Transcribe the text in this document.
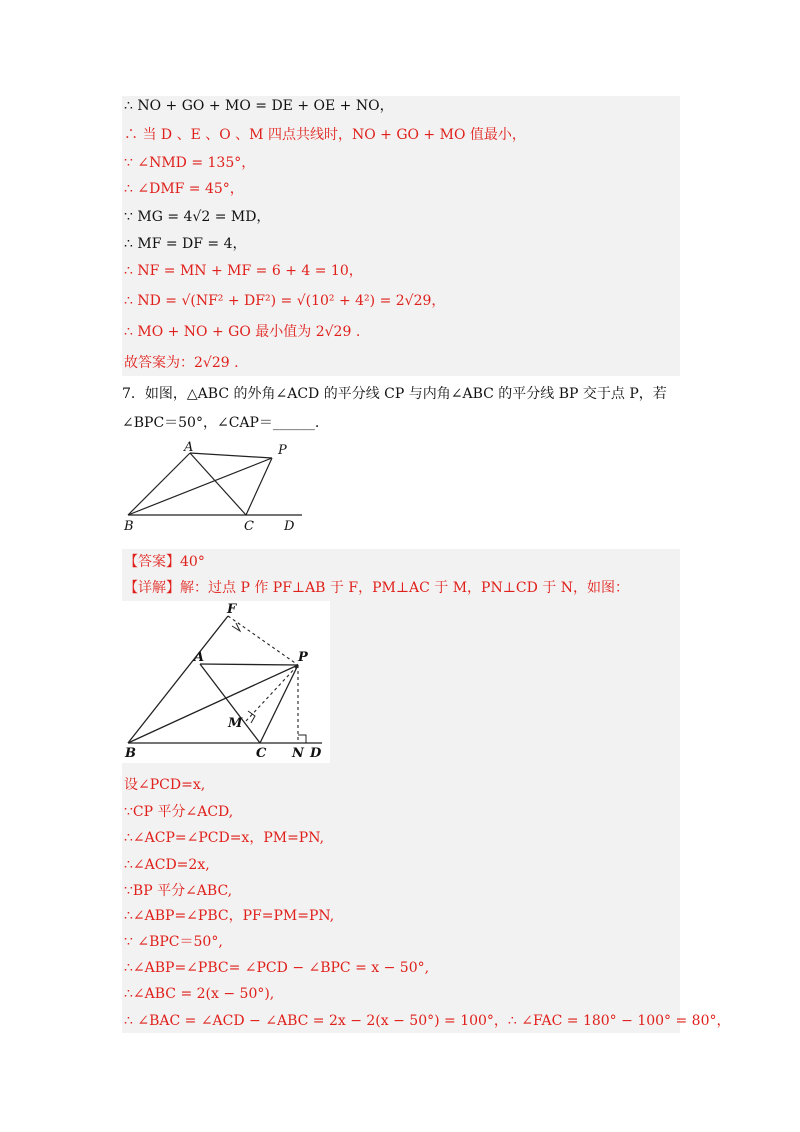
∴ NO + GO + MO = DE + OE + NO，
∴ 当 D 、E 、O 、M 四点共线时，NO + GO + MO 值最小，
∵ ∠NMD = 135°，
∴ ∠DMF = 45°，
∵ MG = 4√2 = MD，
∴ MF = DF = 4，
∴ NF = MN + MF = 6 + 4 = 10，
∴ ND = √(NF² + DF²) = √(10² + 4²) = 2√29，
∴ MO + NO + GO 最小值为 2√29 .
故答案为：2√29 .
7．如图，△ABC 的外角∠ACD 的平分线 CP 与内角∠ABC 的平分线 BP 交于点 P，若
∠BPC＝50°，∠CAP＝______.
A	P
B	C D
【答案】40°
【详解】解：过点 P 作 PF⊥AB 于 F，PM⊥AC 于 M，PN⊥CD 于 N，如图：
F
A	P
M
B	C N D
设∠PCD=x,
∵CP 平分∠ACD,
∴∠ACP=∠PCD=x，PM=PN,
∴∠ACD=2x,
∵BP 平分∠ABC,
∴∠ABP=∠PBC，PF=PM=PN,
∵ ∠BPC＝50°,
∴∠ABP=∠PBC= ∠PCD − ∠BPC = x − 50°,
∴∠ABC = 2(x − 50°),
∴ ∠BAC = ∠ACD − ∠ABC = 2x − 2(x − 50°) = 100°，∴ ∠FAC = 180° − 100° = 80°，
